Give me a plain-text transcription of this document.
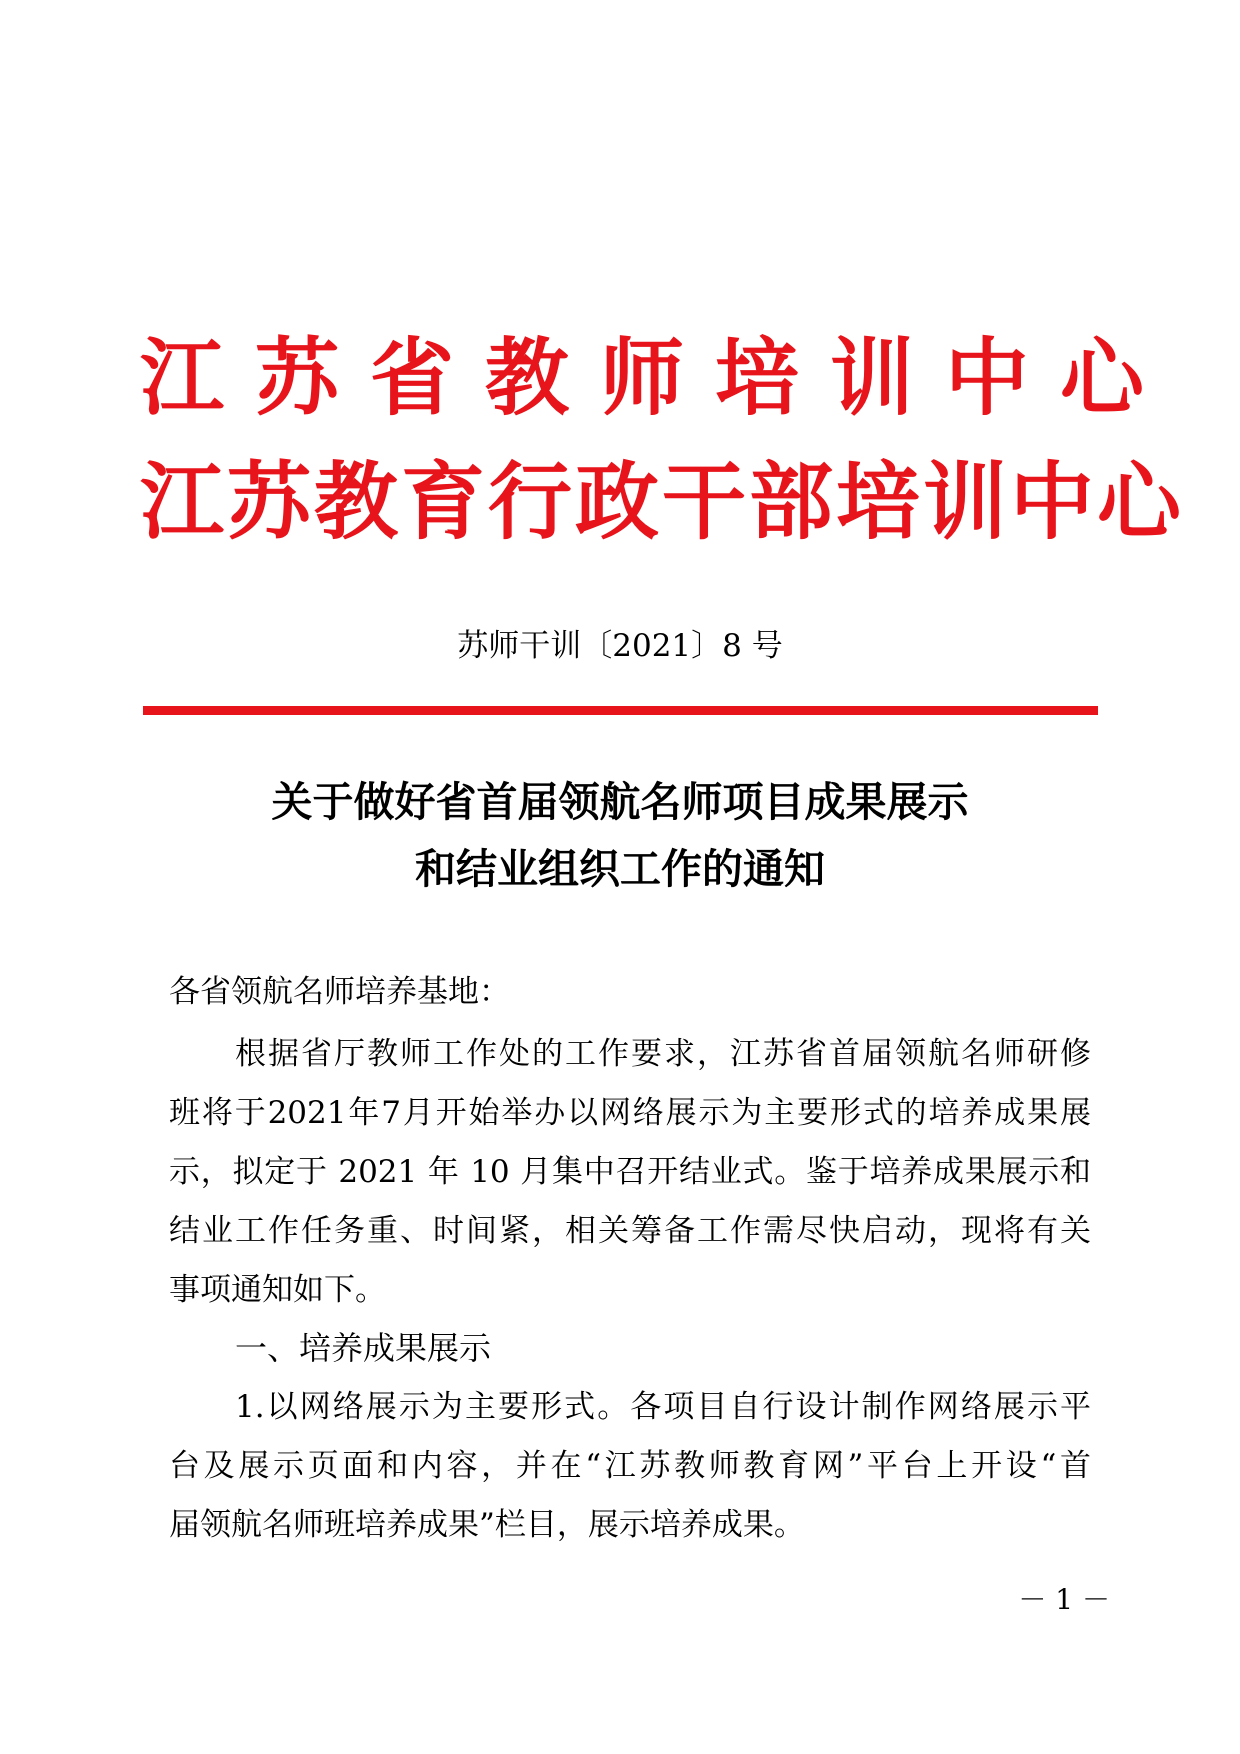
江苏省教师培训中心
江苏教育行政干部培训中心
苏师干训〔2021〕8 号
关于做好省首届领航名师项目成果展示
和结业组织工作的通知
各省领航名师培养基地：
根据省厅教师工作处的工作要求，江苏省首届领航名师研修
班将于2021年7月开始举办以网络展示为主要形式的培养成果展
示，拟定于 2021 年 10 月集中召开结业式。鉴于培养成果展示和
结业工作任务重、时间紧，相关筹备工作需尽快启动，现将有关
事项通知如下。
一、培养成果展示
1.以网络展示为主要形式。各项目自行设计制作网络展示平
台及展示页面和内容，并在“江苏教师教育网”平台上开设“首
届领航名师班培养成果”栏目，展示培养成果。
－ 1 －
